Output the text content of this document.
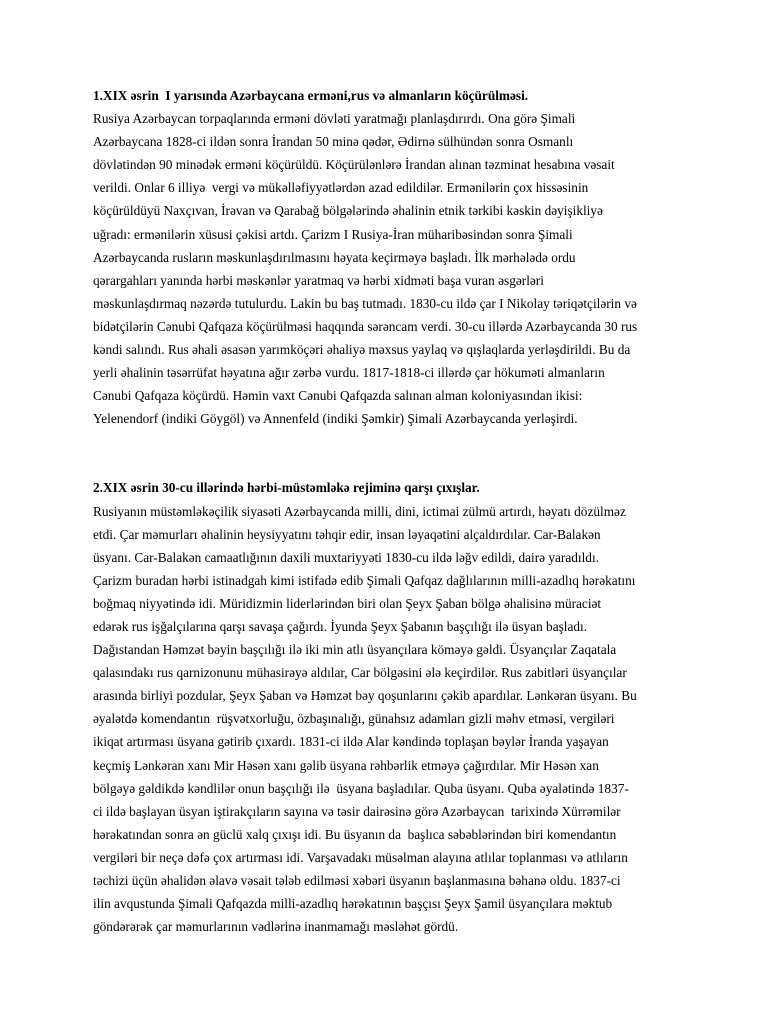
1.XIX əsrin  I yarısında Azərbaycana erməni,rus və almanların köçürülməsi.

Rusiya Azərbaycan torpaqlarında erməni dövləti yaratmağı planlaşdırırdı. Ona görə Şimali

Azərbaycana 1828-ci ildən sonra İrandan 50 minə qədər, Ədirnə sülhündən sonra Osmanlı

dövlətindən 90 minədək erməni köçürüldü. Köçürülənlərə İrandan alınan təzminat hesabına vəsait

verildi. Onlar 6 illiyə  vergi və mükəlləfiyyətlərdən azad edildilər. Ermənilərin çox hissəsinin

köçürüldüyü Naxçıvan, İrəvan və Qarabağ bölgələrində əhalinin etnik tərkibi kəskin dəyişikliyə

uğradı: ermənilərin xüsusi çəkisi artdı. Çarizm I Rusiya-İran müharibəsindən sonra Şimali

Azərbaycanda rusların məskunlaşdırılmasını həyata keçirməyə başladı. İlk mərhələdə ordu

qərargahları yanında hərbi məskənlər yaratmaq və hərbi xidməti başa vuran əsgərləri

məskunlaşdırmaq nəzərdə tutulurdu. Lakin bu baş tutmadı. 1830-cu ildə çar I Nikolay təriqətçilərin və

bidətçilərin Cənubi Qafqaza köçürülməsi haqqında sərəncam verdi. 30-cu illərdə Azərbaycanda 30 rus

kəndi salındı. Rus əhali əsasən yarımköçəri əhaliyə məxsus yaylaq və qışlaqlarda yerləşdirildi. Bu da

yerli əhalinin təsərrüfat həyatına ağır zərbə vurdu. 1817-1818-ci illərdə çar hökuməti almanların

Cənubi Qafqaza köçürdü. Həmin vaxt Cənubi Qafqazda salınan alman koloniyasından ikisi:

Yelenendorf (indiki Göygöl) və Annenfeld (indiki Şəmkir) Şimali Azərbaycanda yerləşirdi.

2.XIX əsrin 30-cu illərində hərbi-müstəmləkə rejiminə qarşı çıxışlar.

Rusiyanın müstəmləkəçilik siyasəti Azərbaycanda milli, dini, ictimai zülmü artırdı, həyatı dözülməz

etdi. Çar məmurları əhalinin heysiyyatını təhqir edir, insan ləyaqətini alçaldırdılar. Car-Balakən

üsyanı. Car-Balakən camaatlığının daxili muxtariyyəti 1830-cu ildə ləğv edildi, dairə yaradıldı.

Çarizm buradan hərbi istinadgah kimi istifadə edib Şimali Qafqaz dağlılarının milli-azadlıq hərəkatını

boğmaq niyyətində idi. Müridizmin liderlərindən biri olan Şeyx Şaban bölgə əhalisinə müraciət

edərək rus işğalçılarına qarşı savaşa çağırdı. İyunda Şeyx Şabanın başçılığı ilə üsyan başladı.

Dağıstandan Həmzət bəyin başçılığı ilə iki min atlı üsyançılara köməyə gəldi. Üsyançılar Zaqatala

qalasındakı rus qarnizonunu mühasirəyə aldılar, Car bölgəsini ələ keçirdilər. Rus zabitləri üsyançılar

arasında birliyi pozdular, Şeyx Şaban və Həmzət bəy qoşunlarını çəkib apardılar. Lənkəran üsyanı. Bu

əyalətdə komendantın  rüşvətxorluğu, özbaşınalığı, günahsız adamları gizli məhv etməsi, vergiləri

ikiqat artırması üsyana gətirib çıxardı. 1831-ci ildə Alar kəndində toplaşan bəylər İranda yaşayan

keçmiş Lənkəran xanı Mir Həsən xanı gəlib üsyana rəhbərlik etməyə çağırdılar. Mir Həsən xan

bölgəyə gəldikdə kəndlilər onun başçılığı ilə  üsyana başladılar. Quba üsyanı. Quba əyalətində 1837-

ci ildə başlayan üsyan iştirakçıların sayına və təsir dairəsinə görə Azərbaycan  tarixində Xürrəmilər

hərəkatından sonra ən güclü xalq çıxışı idi. Bu üsyanın da  başlıca səbəblərindən biri komendantın

vergiləri bir neçə dəfə çox artırması idi. Varşavadakı müsəlman alayına atlılar toplanması və atlıların

təchizi üçün əhalidən əlavə vəsait tələb edilməsi xəbəri üsyanın başlanmasına bəhanə oldu. 1837-ci

ilin avqustunda Şimali Qafqazda milli-azadlıq hərəkatının başçısı Şeyx Şamil üsyançılara məktub

göndərərək çar məmurlarının vədlərinə inanmamağı məsləhət gördü.
